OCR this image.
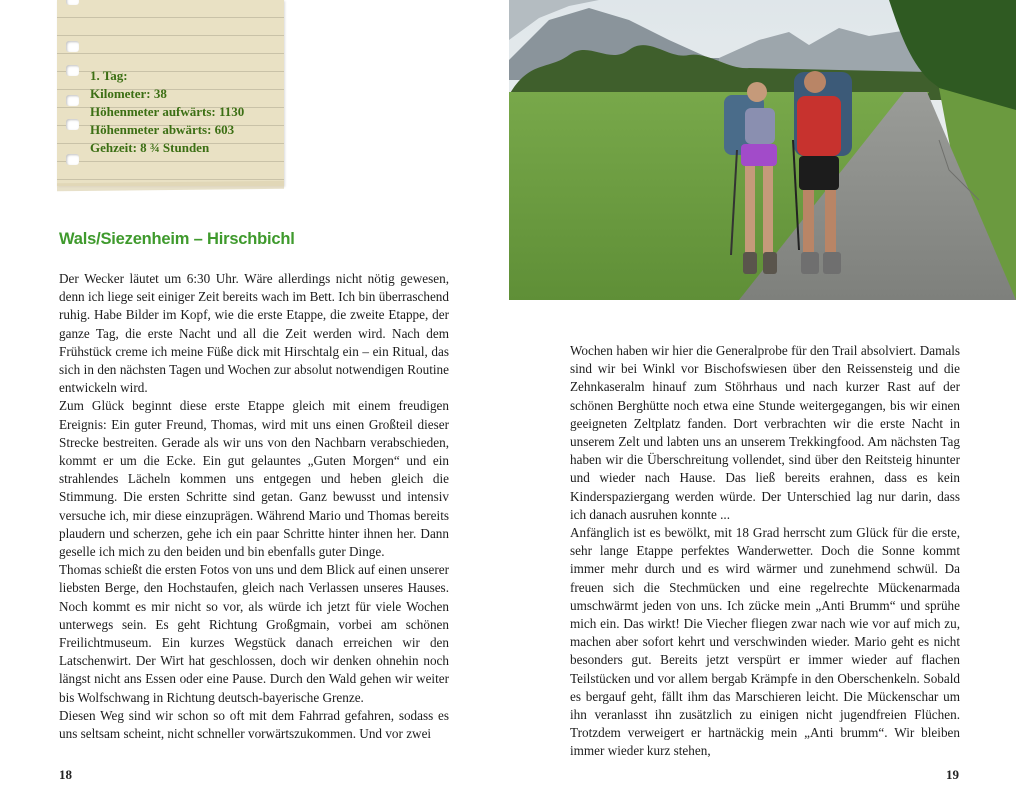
1. Tag:
Kilometer: 38
Höhenmeter aufwärts: 1130
Höhenmeter abwärts: 603
Gehzeit: 8 ¾ Stunden
Wals/Siezenheim – Hirschbichl

Der Wecker läutet um 6:30 Uhr. Wäre allerdings nicht nötig gewesen, denn ich liege seit einiger Zeit bereits wach im Bett. Ich bin überraschend ruhig. Habe Bilder im Kopf, wie die erste Etappe, die zweite Etappe, der ganze Tag, die erste Nacht und all die Zeit werden wird. Nach dem Frühstück creme ich meine Füße dick mit Hirschtalg ein – ein Ritual, das sich in den nächsten Tagen und Wochen zur absolut notwendigen Routine entwickeln wird.

Zum Glück beginnt diese erste Etappe gleich mit einem freudigen Ereignis: Ein guter Freund, Thomas, wird mit uns einen Großteil dieser Strecke bestreiten. Gerade als wir uns von den Nachbarn verabschieden, kommt er um die Ecke. Ein gut gelauntes „Guten Morgen“ und ein strahlendes Lächeln kommen uns entgegen und heben gleich die Stimmung. Die ersten Schritte sind getan. Ganz bewusst und intensiv versuche ich, mir diese einzuprägen. Während Mario und Thomas bereits plaudern und scherzen, gehe ich ein paar Schritte hinter ihnen her. Dann geselle ich mich zu den beiden und bin ebenfalls guter Dinge.

Thomas schießt die ersten Fotos von uns und dem Blick auf einen unserer liebsten Berge, den Hochstaufen, gleich nach Verlassen unseres Hauses. Noch kommt es mir nicht so vor, als würde ich jetzt für viele Wochen unterwegs sein. Es geht Richtung Großgmain, vorbei am schönen Freilichtmuseum. Ein kurzes Wegstück danach erreichen wir den Latschenwirt. Der Wirt hat geschlossen, doch wir denken ohnehin noch längst nicht ans Essen oder eine Pause. Durch den Wald gehen wir weiter bis Wolfschwang in Richtung deutsch-bayerische Grenze.

Diesen Weg sind wir schon so oft mit dem Fahrrad gefahren, sodass es uns seltsam scheint, nicht schneller vorwärtszukommen. Und vor zwei

18

Wochen haben wir hier die Generalprobe für den Trail absolviert. Damals sind wir bei Winkl vor Bischofswiesen über den Reissensteig und die Zehnkaseralm hinauf zum Stöhrhaus und nach kurzer Rast auf der schönen Berghütte noch etwa eine Stunde weitergegangen, bis wir einen geeigneten Zeltplatz fanden. Dort verbrachten wir die erste Nacht in unserem Zelt und labten uns an unserem Trekkingfood. Am nächsten Tag haben wir die Überschreitung vollendet, sind über den Reitsteig hinunter und wieder nach Hause. Das ließ bereits erahnen, dass es kein Kinderspaziergang werden würde. Der Unterschied lag nur darin, dass ich danach ausruhen konnte ...

Anfänglich ist es bewölkt, mit 18 Grad herrscht zum Glück für die erste, sehr lange Etappe perfektes Wanderwetter. Doch die Sonne kommt immer mehr durch und es wird wärmer und zunehmend schwül. Da freuen sich die Stechmücken und eine regelrechte Mückenarmada umschwärmt jeden von uns. Ich zücke mein „Anti Brumm“ und sprühe mich ein. Das wirkt! Die Viecher fliegen zwar nach wie vor auf mich zu, machen aber sofort kehrt und verschwinden wieder. Mario geht es nicht besonders gut. Bereits jetzt verspürt er immer wieder auf flachen Teilstücken und vor allem bergab Krämpfe in den Oberschenkeln. Sobald es bergauf geht, fällt ihm das Marschieren leicht. Die Mückenschar um ihn veranlasst ihn zusätzlich zu einigen nicht jugendfreien Flüchen. Trotzdem verweigert er hartnäckig mein „Anti brumm“. Wir bleiben immer wieder kurz stehen,

19
